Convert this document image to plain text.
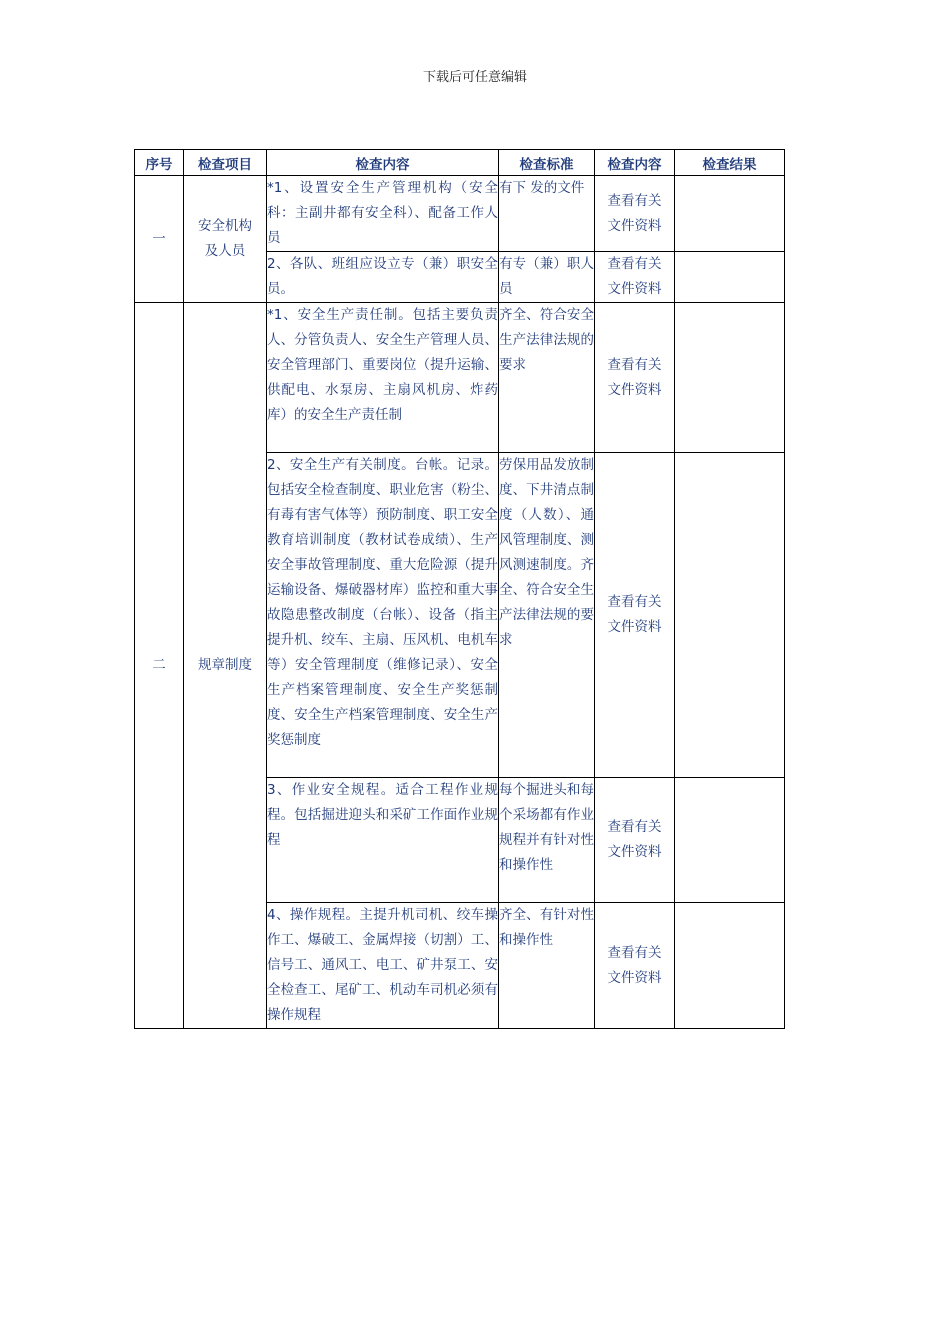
下载后可任意编辑
序号	检查项目	检查内容	检查标准	检查内容	检查结果
一	安全机构
及人员	*1、设置安全生产管理机构（安全科：主副井都有安全科）、配备工作人员	有下 发的文件	查看有关
文件资料	
		2、各队、班组应设立专（兼）职安全员。	有专（兼）职人员	查看有关
文件资料	
二	规章制度	*1、安全生产责任制。包括主要负责人、分管负责人、安全生产管理人员、安全管理部门、重要岗位（提升运输、供配电、水泵房、主扇风机房、炸药库）的安全生产责任制	齐全、符合安全生产法律法规的要求	查看有关
文件资料	
		2、安全生产有关制度。台帐。记录。包括安全检查制度、职业危害（粉尘、有毒有害气体等）预防制度、职工安全教育培训制度（教材试卷成绩）、生产安全事故管理制度、重大危险源（提升运输设备、爆破器材库）监控和重大事故隐患整改制度（台帐）、设备（指主提升机、绞车、主扇、压风机、电机车等）安全管理制度（维修记录）、安全生产档案管理制度、安全生产奖惩制度、安全生产档案管理制度、安全生产奖惩制度	劳保用品发放制度、下井清点制度（人数）、通风管理制度、测风测速制度。齐全、符合安全生产法律法规的要求	查看有关
文件资料	
		3、作业安全规程。适合工程作业规程。包括掘进迎头和采矿工作面作业规程	每个掘进头和每个采场都有作业规程并有针对性和操作性	查看有关
文件资料	
		4、操作规程。主提升机司机、绞车操作工、爆破工、金属焊接（切割）工、信号工、通风工、电工、矿井泵工、安全检查工、尾矿工、机动车司机必须有操作规程	齐全、有针对性和操作性	查看有关
文件资料	
